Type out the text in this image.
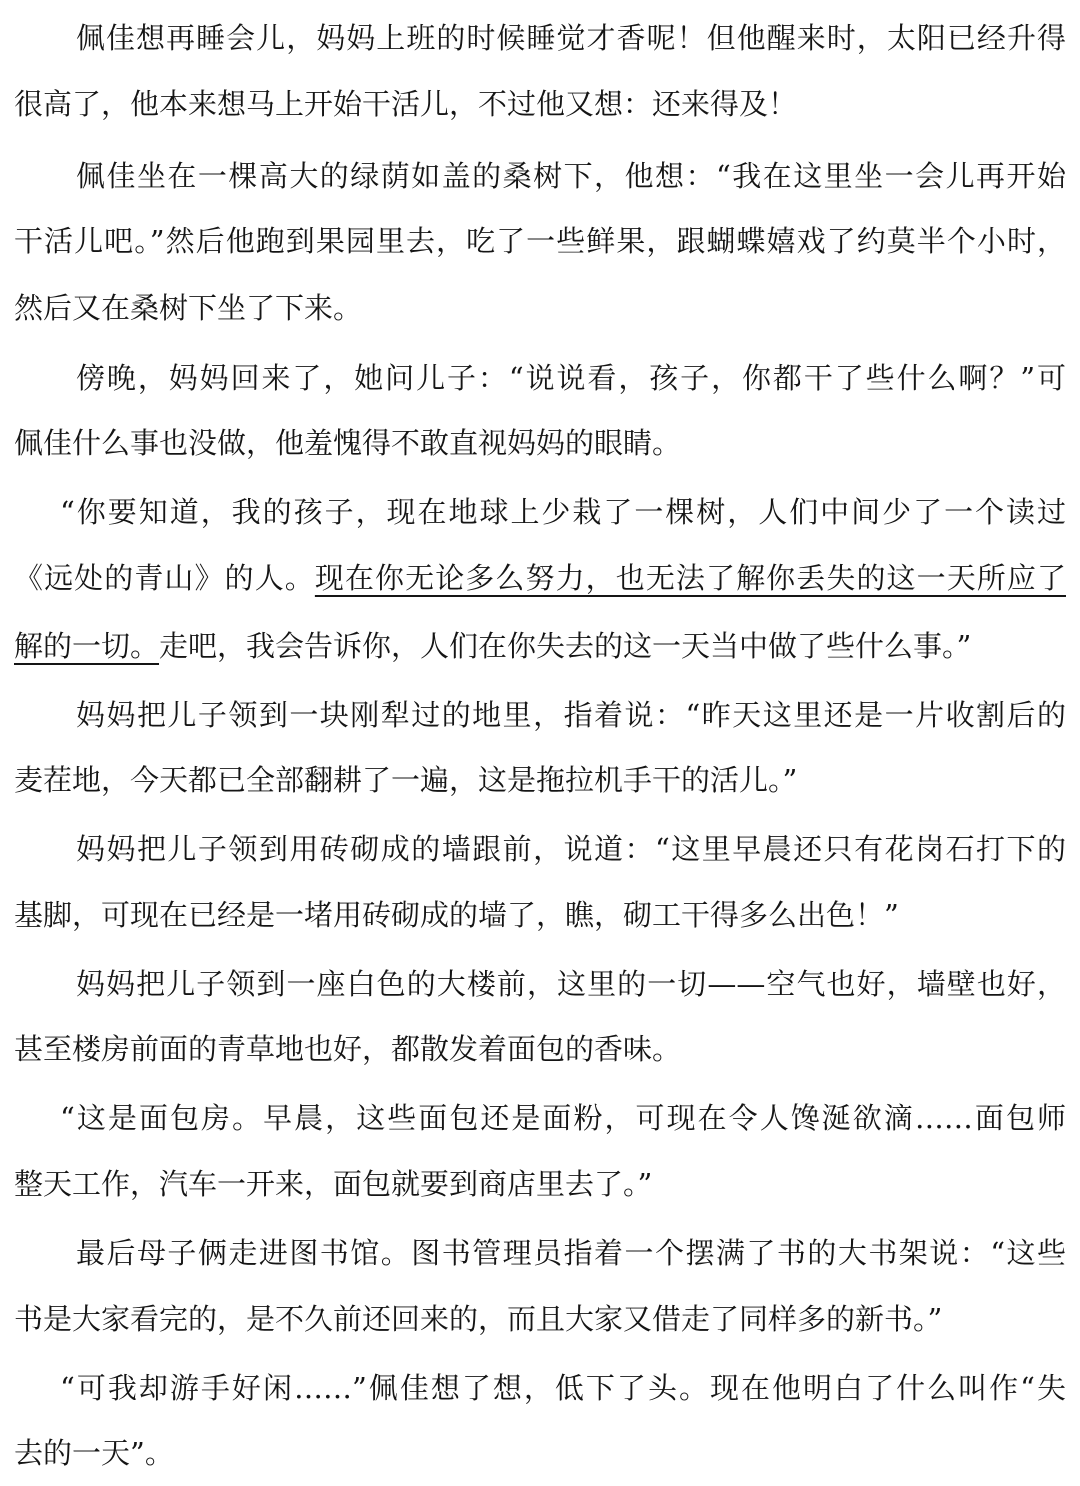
佩佳想再睡会儿，妈妈上班的时候睡觉才香呢！但他醒来时，太阳已经升得
很高了，他本来想马上开始干活儿，不过他又想：还来得及！
佩佳坐在一棵高大的绿荫如盖的桑树下，他想：“我在这里坐一会儿再开始
干活儿吧。”然后他跑到果园里去，吃了一些鲜果，跟蝴蝶嬉戏了约莫半个小时，
然后又在桑树下坐了下来。
傍晚，妈妈回来了，她问儿子：“说说看，孩子，你都干了些什么啊？”可
佩佳什么事也没做，他羞愧得不敢直视妈妈的眼睛。
“你要知道，我的孩子，现在地球上少栽了一棵树，人们中间少了一个读过
《远处的青山》的人。现在你无论多么努力，也无法了解你丢失的这一天所应了
解的一切。走吧，我会告诉你，人们在你失去的这一天当中做了些什么事。”
妈妈把儿子领到一块刚犁过的地里，指着说：“昨天这里还是一片收割后的
麦茬地，今天都已全部翻耕了一遍，这是拖拉机手干的活儿。”
妈妈把儿子领到用砖砌成的墙跟前，说道：“这里早晨还只有花岗石打下的
基脚，可现在已经是一堵用砖砌成的墙了，瞧，砌工干得多么出色！”
妈妈把儿子领到一座白色的大楼前，这里的一切——空气也好，墙壁也好，
甚至楼房前面的青草地也好，都散发着面包的香味。
“这是面包房。早晨，这些面包还是面粉，可现在令人馋涎欲滴……面包师
整天工作，汽车一开来，面包就要到商店里去了。”
最后母子俩走进图书馆。图书管理员指着一个摆满了书的大书架说：“这些
书是大家看完的，是不久前还回来的，而且大家又借走了同样多的新书。”
“可我却游手好闲……”佩佳想了想，低下了头。现在他明白了什么叫作“失
去的一天”。
